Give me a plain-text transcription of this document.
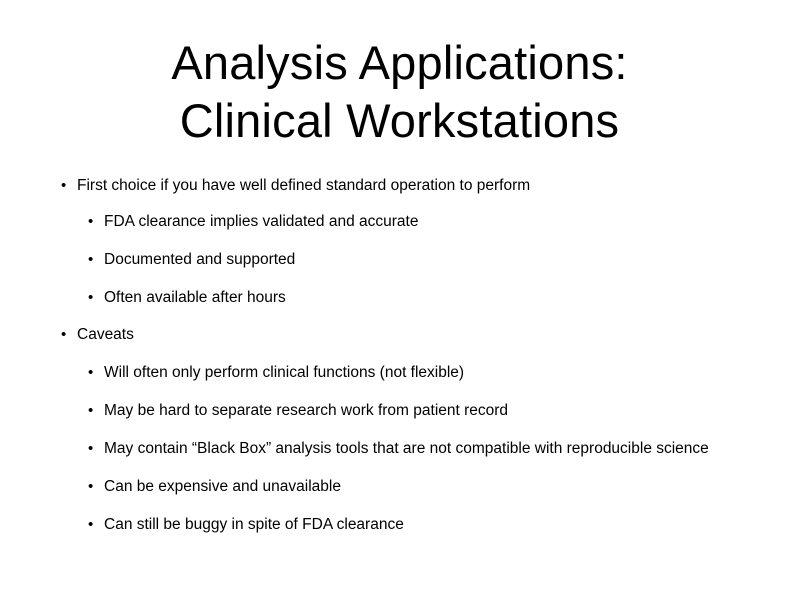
Analysis Applications:
Clinical Workstations
• First choice if you have well defined standard operation to perform
• FDA clearance implies validated and accurate
• Documented and supported
• Often available after hours
• Caveats
• Will often only perform clinical functions (not flexible)
• May be hard to separate research work from patient record
• May contain “Black Box” analysis tools that are not compatible with reproducible science
• Can be expensive and unavailable
• Can still be buggy in spite of FDA clearance
